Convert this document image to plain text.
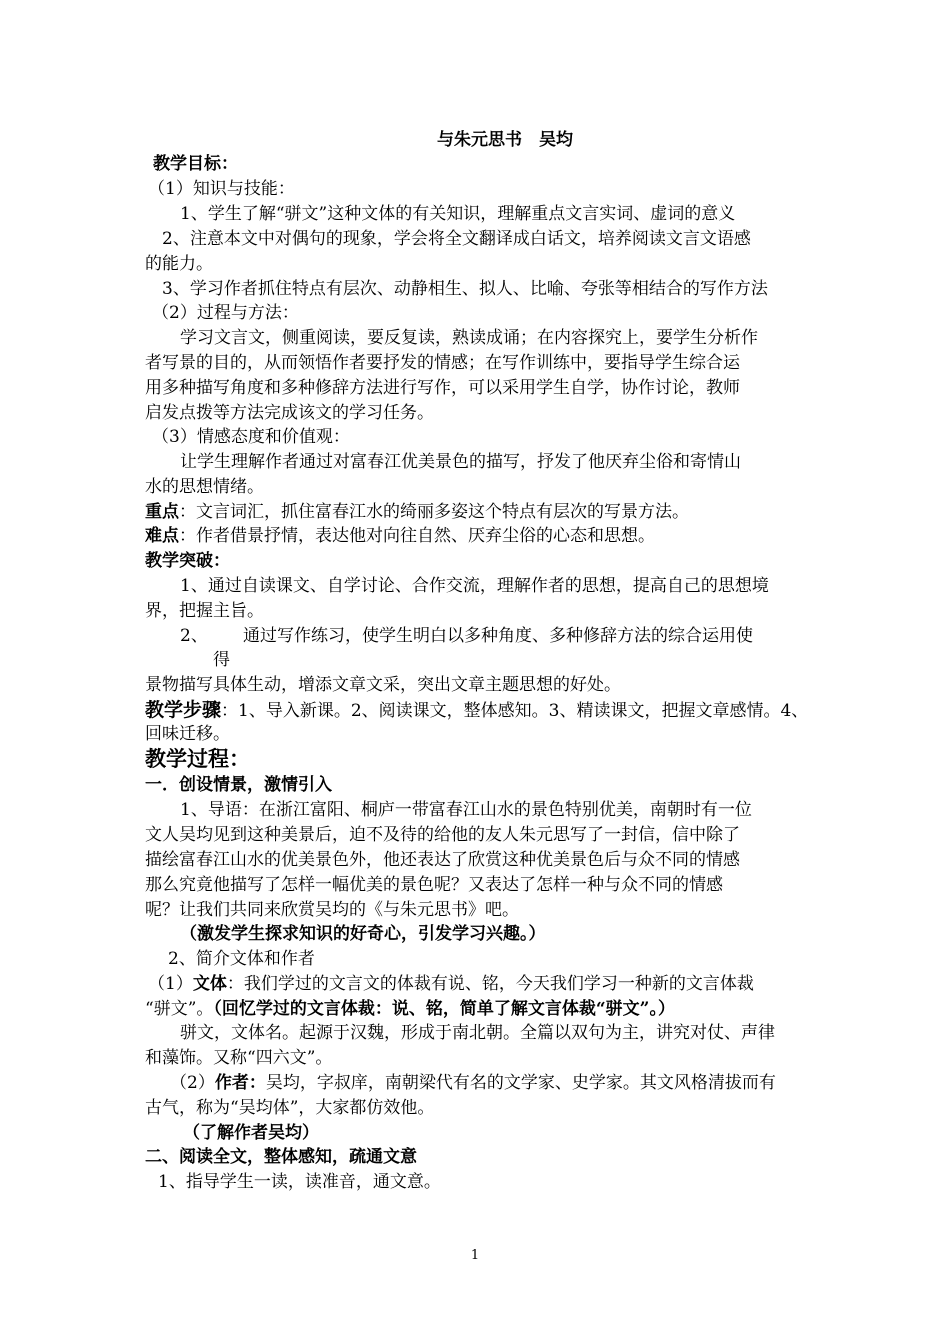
与朱元思书　吴均

教学目标：

（1）知识与技能：

1、学生了解“骈文”这种文体的有关知识，理解重点文言实词、虚词的意义

2、注意本文中对偶句的现象，学会将全文翻译成白话文，培养阅读文言文语感

的能力。

3、学习作者抓住特点有层次、动静相生、拟人、比喻、夸张等相结合的写作方法

（2）过程与方法：

学习文言文，侧重阅读，要反复读，熟读成诵；在内容探究上，要学生分析作

者写景的目的，从而领悟作者要抒发的情感；在写作训练中，要指导学生综合运

用多种描写角度和多种修辞方法进行写作，可以采用学生自学，协作讨论，教师

启发点拨等方法完成该文的学习任务。

（3）情感态度和价值观：

让学生理解作者通过对富春江优美景色的描写，抒发了他厌弃尘俗和寄情山

水的思想情绪。

重点：文言词汇，抓住富春江水的绮丽多姿这个特点有层次的写景方法。

难点：作者借景抒情，表达他对向往自然、厌弃尘俗的心态和思想。

教学突破：

1、通过自读课文、自学讨论、合作交流，理解作者的思想，提高自己的思想境

界，把握主旨。

2、	通过写作练习，使学生明白以多种角度、多种修辞方法的综合运用使

得

景物描写具体生动，增添文章文采，突出文章主题思想的好处。

教学步骤：1、导入新课。2、阅读课文，整体感知。3、精读课文，把握文章感情。4、

回味迁移。

教学过程：

一．创设情景，激情引入

1、导语：在浙江富阳、桐庐一带富春江山水的景色特别优美，南朝时有一位

文人吴均见到这种美景后，迫不及待的给他的友人朱元思写了一封信，信中除了

描绘富春江山水的优美景色外，他还表达了欣赏这种优美景色后与众不同的情感

那么究竟他描写了怎样一幅优美的景色呢？又表达了怎样一种与众不同的情感

呢？让我们共同来欣赏吴均的《与朱元思书》吧。

（激发学生探求知识的好奇心，引发学习兴趣。）

2、简介文体和作者

（1）文体：我们学过的文言文的体裁有说、铭，今天我们学习一种新的文言体裁

“骈文”。（回忆学过的文言体裁：说、铭，简单了解文言体裁“骈文”。）

骈文，文体名。起源于汉魏，形成于南北朝。全篇以双句为主，讲究对仗、声律

和藻饰。又称“四六文”。

（2）作者：吴均，字叔庠，南朝梁代有名的文学家、史学家。其文风格清拔而有

古气，称为“吴均体”，大家都仿效他。

（了解作者吴均）

二、阅读全文，整体感知，疏通文意

1、指导学生一读，读准音，通文意。

1
